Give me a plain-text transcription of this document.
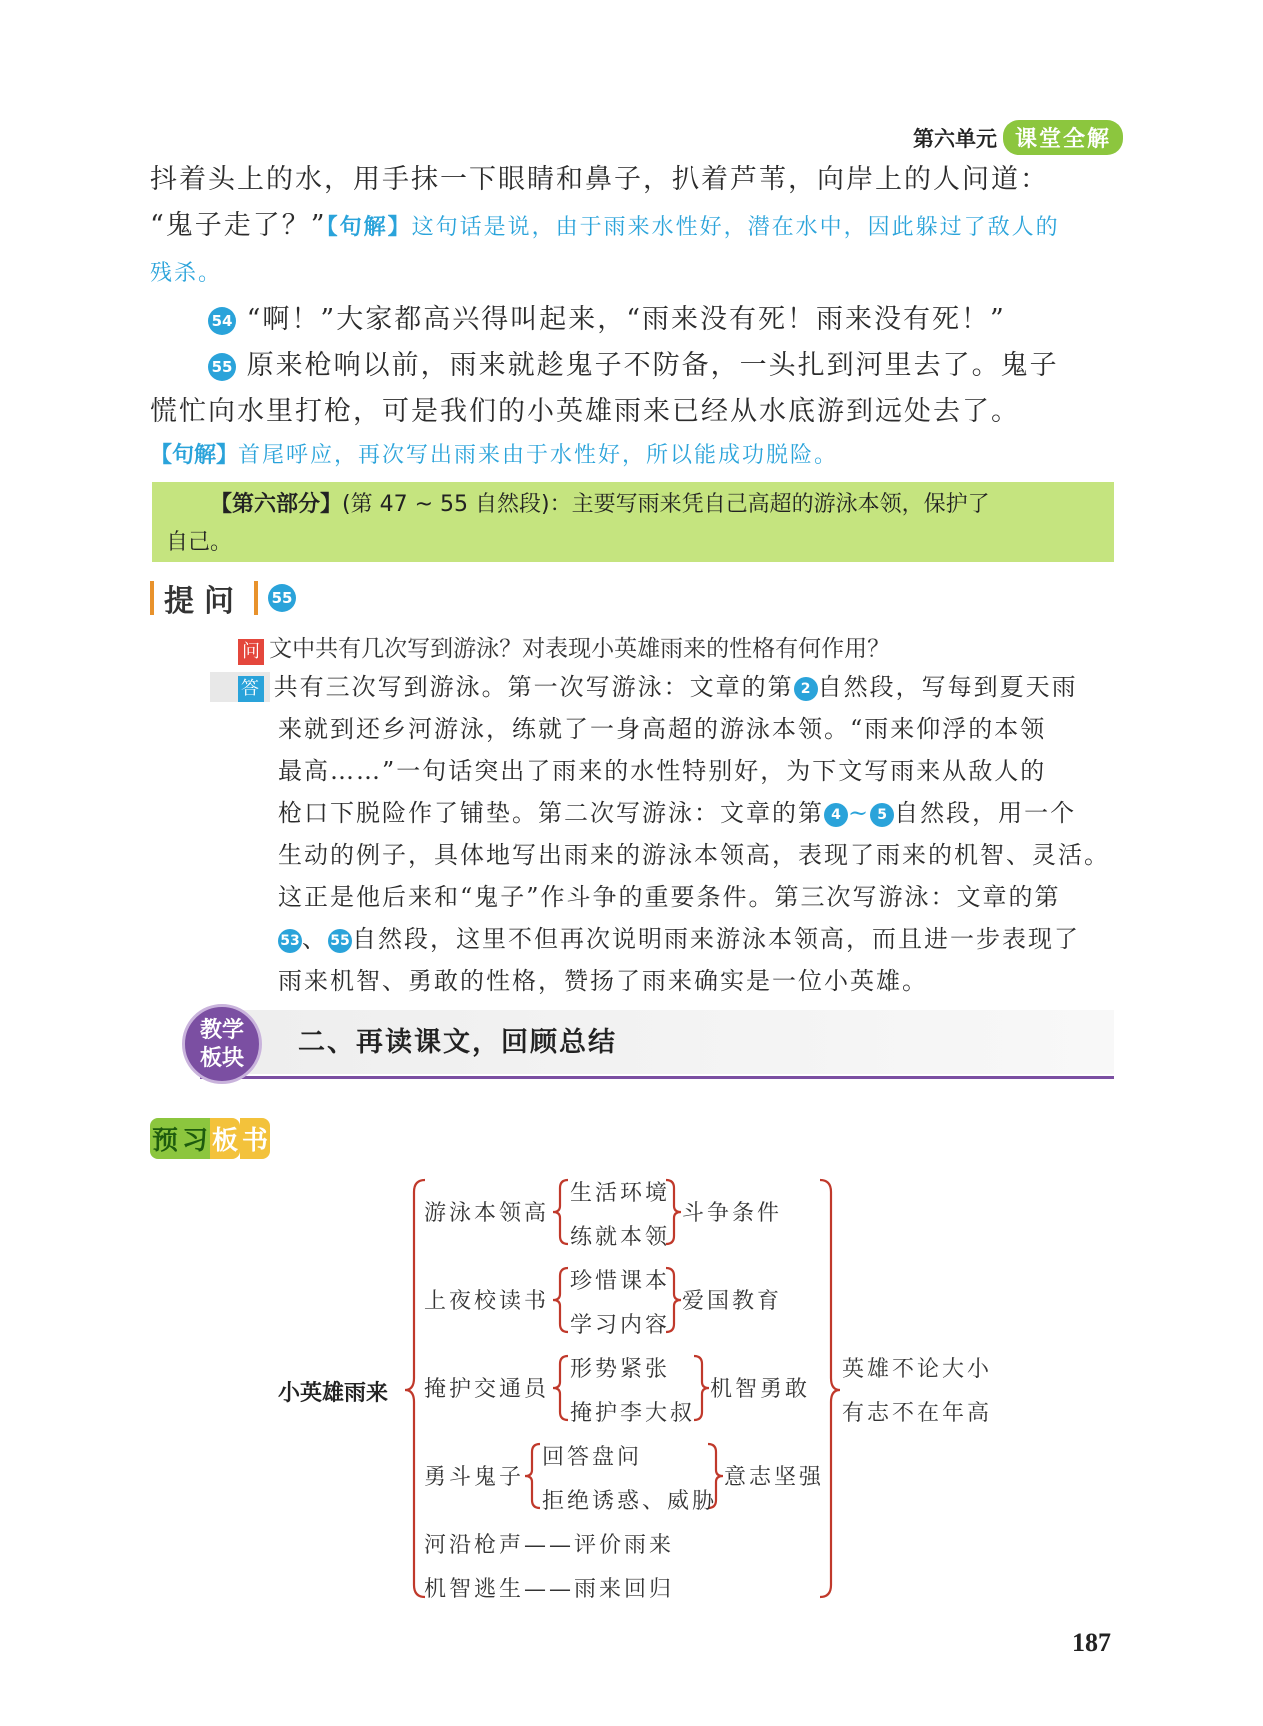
第六单元 课堂全解
抖着头上的水，用手抹一下眼睛和鼻子，扒着芦苇，向岸上的人问道：
“鬼子走了？”【句解】这句话是说，由于雨来水性好，潜在水中，因此躲过了敌人的
残杀。
54 “啊！”大家都高兴得叫起来，“雨来没有死！雨来没有死！”
55 原来枪响以前，雨来就趁鬼子不防备，一头扎到河里去了。鬼子
慌忙向水里打枪，可是我们的小英雄雨来已经从水底游到远处去了。
【句解】首尾呼应，再次写出雨来由于水性好，所以能成功脱险。
【第六部分】(第 47 ~ 55 自然段)：主要写雨来凭自己高超的游泳本领，保护了
自己。
提问 55
问 文中共有几次写到游泳？对表现小英雄雨来的性格有何作用？
答 共有三次写到游泳。第一次写游泳：文章的第 2 自然段，写每到夏天雨
来就到还乡河游泳，练就了一身高超的游泳本领。“雨来仰浮的本领
最高……”一句话突出了雨来的水性特别好，为下文写雨来从敌人的
枪口下脱险作了铺垫。第二次写游泳：文章的第 4 ~ 5 自然段，用一个
生动的例子，具体地写出雨来的游泳本领高，表现了雨来的机智、灵活。
这正是他后来和“鬼子”作斗争的重要条件。第三次写游泳：文章的第
53、 55自然段，这里不但再次说明雨来游泳本领高，而且进一步表现了
雨来机智、勇敢的性格，赞扬了雨来确实是一位小英雄。
教学
板块
二、再读课文，回顾总结
预 习 板 书
小英雄雨来
游泳本领高
生活环境
练就本领
斗争条件
上夜校读书
珍惜课本
学习内容
爱国教育
掩护交通员
形势紧张
掩护李大叔
机智勇敢
勇斗鬼子
回答盘问
拒绝诱惑、威胁
意志坚强
河沿枪声——评价雨来
机智逃生——雨来回归
英雄不论大小
有志不在年高
187
